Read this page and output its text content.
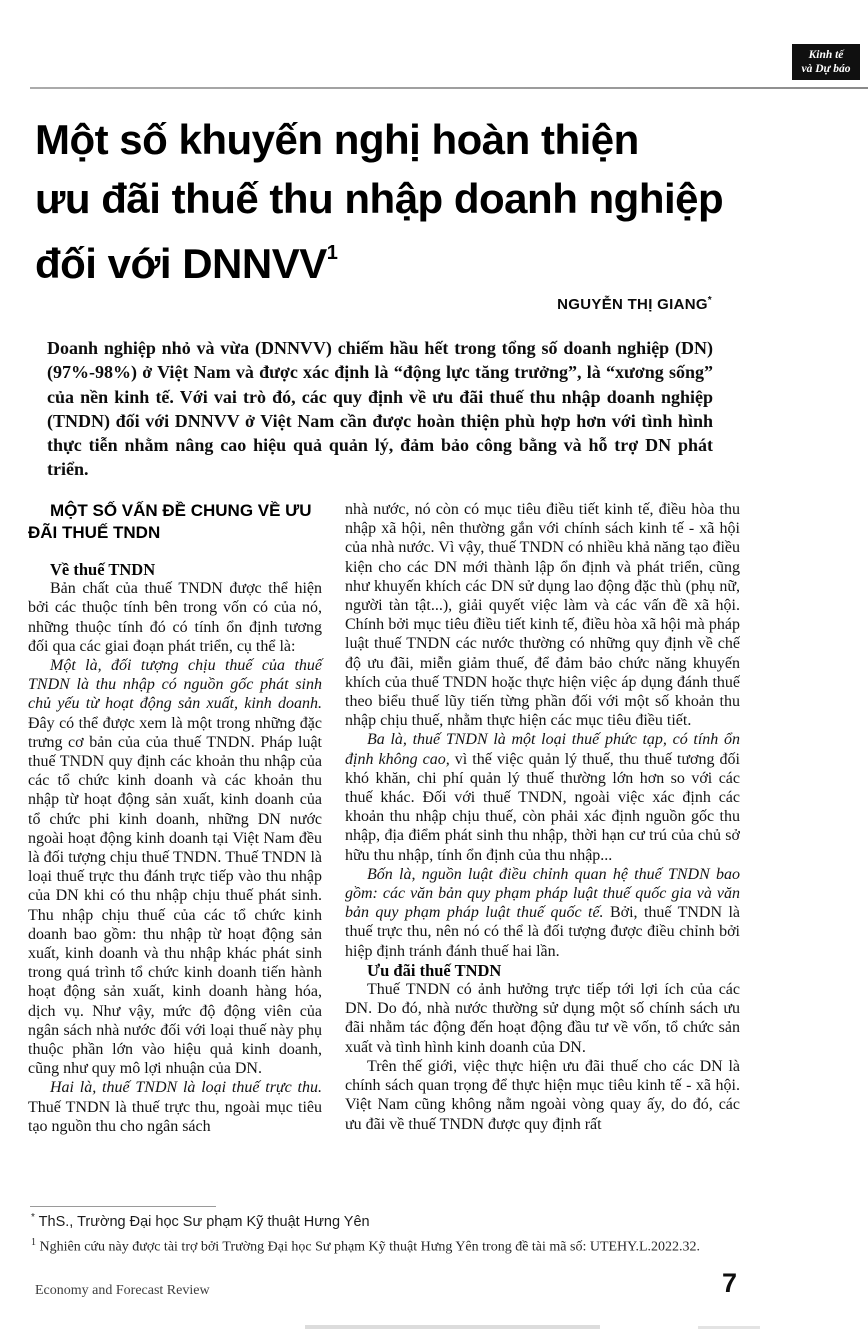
Kinh tế
và Dự báo
Một số khuyến nghị hoàn thiện
ưu đãi thuế thu nhập doanh nghiệp
đối với DNNVV$^1$
NGUYỄN THỊ GIANG*

Doanh nghiệp nhỏ và vừa (DNNVV) chiếm hầu hết trong tổng số doanh nghiệp (DN) (97%-98%) ở Việt Nam và được xác định là “động lực tăng trưởng”, là “xương sống” của nền kinh tế. Với vai trò đó, các quy định về ưu đãi thuế thu nhập doanh nghiệp (TNDN) đối với DNNVV ở Việt Nam cần được hoàn thiện phù hợp hơn với tình hình thực tiễn nhằm nâng cao hiệu quả quản lý, đảm bảo công bằng và hỗ trợ DN phát triển.

MỘT SỐ VẤN ĐỀ CHUNG VỀ ƯU ĐÃI THUẾ TNDN
Về thuế TNDN

Bản chất của thuế TNDN được thể hiện bởi các thuộc tính bên trong vốn có của nó, những thuộc tính đó có tính ổn định tương đối qua các giai đoạn phát triển, cụ thể là:

Một là, đối tượng chịu thuế của thuế TNDN là thu nhập có nguồn gốc phát sinh chủ yếu từ hoạt động sản xuất, kinh doanh. Đây có thể được xem là một trong những đặc trưng cơ bản của của thuế TNDN. Pháp luật thuế TNDN quy định các khoản thu nhập của các tổ chức kinh doanh và các khoản thu nhập từ hoạt động sản xuất, kinh doanh của tổ chức phi kinh doanh, những DN nước ngoài hoạt động kinh doanh tại Việt Nam đều là đối tượng chịu thuế TNDN. Thuế TNDN là loại thuế trực thu đánh trực tiếp vào thu nhập của DN khi có thu nhập chịu thuế phát sinh. Thu nhập chịu thuế của các tổ chức kinh doanh bao gồm: thu nhập từ hoạt động sản xuất, kinh doanh và thu nhập khác phát sinh trong quá trình tổ chức kinh doanh tiến hành hoạt động sản xuất, kinh doanh hàng hóa, dịch vụ. Như vậy, mức độ động viên của ngân sách nhà nước đối với loại thuế này phụ thuộc phần lớn vào hiệu quả kinh doanh, cũng như quy mô lợi nhuận của DN.

Hai là, thuế TNDN là loại thuế trực thu. Thuế TNDN là thuế trực thu, ngoài mục tiêu tạo nguồn thu cho ngân sách

nhà nước, nó còn có mục tiêu điều tiết kinh tế, điều hòa thu nhập xã hội, nên thường gắn với chính sách kinh tế - xã hội của nhà nước. Vì vậy, thuế TNDN có nhiều khả năng tạo điều kiện cho các DN mới thành lập ổn định và phát triển, cũng như khuyến khích các DN sử dụng lao động đặc thù (phụ nữ, người tàn tật...), giải quyết việc làm và các vấn đề xã hội. Chính bởi mục tiêu điều tiết kinh tế, điều hòa xã hội mà pháp luật thuế TNDN các nước thường có những quy định về chế độ ưu đãi, miễn giảm thuế, để đảm bảo chức năng khuyến khích của thuế TNDN hoặc thực hiện việc áp dụng đánh thuế theo biểu thuế lũy tiến từng phần đối với một số khoản thu nhập chịu thuế, nhằm thực hiện các mục tiêu điều tiết.

Ba là, thuế TNDN là một loại thuế phức tạp, có tính ổn định không cao, vì thế việc quản lý thuế, thu thuế tương đối khó khăn, chi phí quản lý thuế thường lớn hơn so với các thuế khác. Đối với thuế TNDN, ngoài việc xác định các khoản thu nhập chịu thuế, còn phải xác định nguồn gốc thu nhập, địa điểm phát sinh thu nhập, thời hạn cư trú của chủ sở hữu thu nhập, tính ổn định của thu nhập...

Bốn là, nguồn luật điều chỉnh quan hệ thuế TNDN bao gồm: các văn bản quy phạm pháp luật thuế quốc gia và văn bản quy phạm pháp luật thuế quốc tế. Bởi, thuế TNDN là thuế trực thu, nên nó có thể là đối tượng được điều chỉnh bởi hiệp định tránh đánh thuế hai lần.

Ưu đãi thuế TNDN

Thuế TNDN có ảnh hưởng trực tiếp tới lợi ích của các DN. Do đó, nhà nước thường sử dụng một số chính sách ưu đãi nhằm tác động đến hoạt động đầu tư về vốn, tổ chức sản xuất và tình hình kinh doanh của DN.

Trên thế giới, việc thực hiện ưu đãi thuế cho các DN là chính sách quan trọng để thực hiện mục tiêu kinh tế - xã hội. Việt Nam cũng không nằm ngoài vòng quay ấy, do đó, các ưu đãi về thuế TNDN được quy định rất

* ThS., Trường Đại học Sư phạm Kỹ thuật Hưng Yên
$^1$ Nghiên cứu này được tài trợ bởi Trường Đại học Sư phạm Kỹ thuật Hưng Yên trong đề tài mã số: UTEHY.L.2022.32.
Economy and Forecast Review	7
